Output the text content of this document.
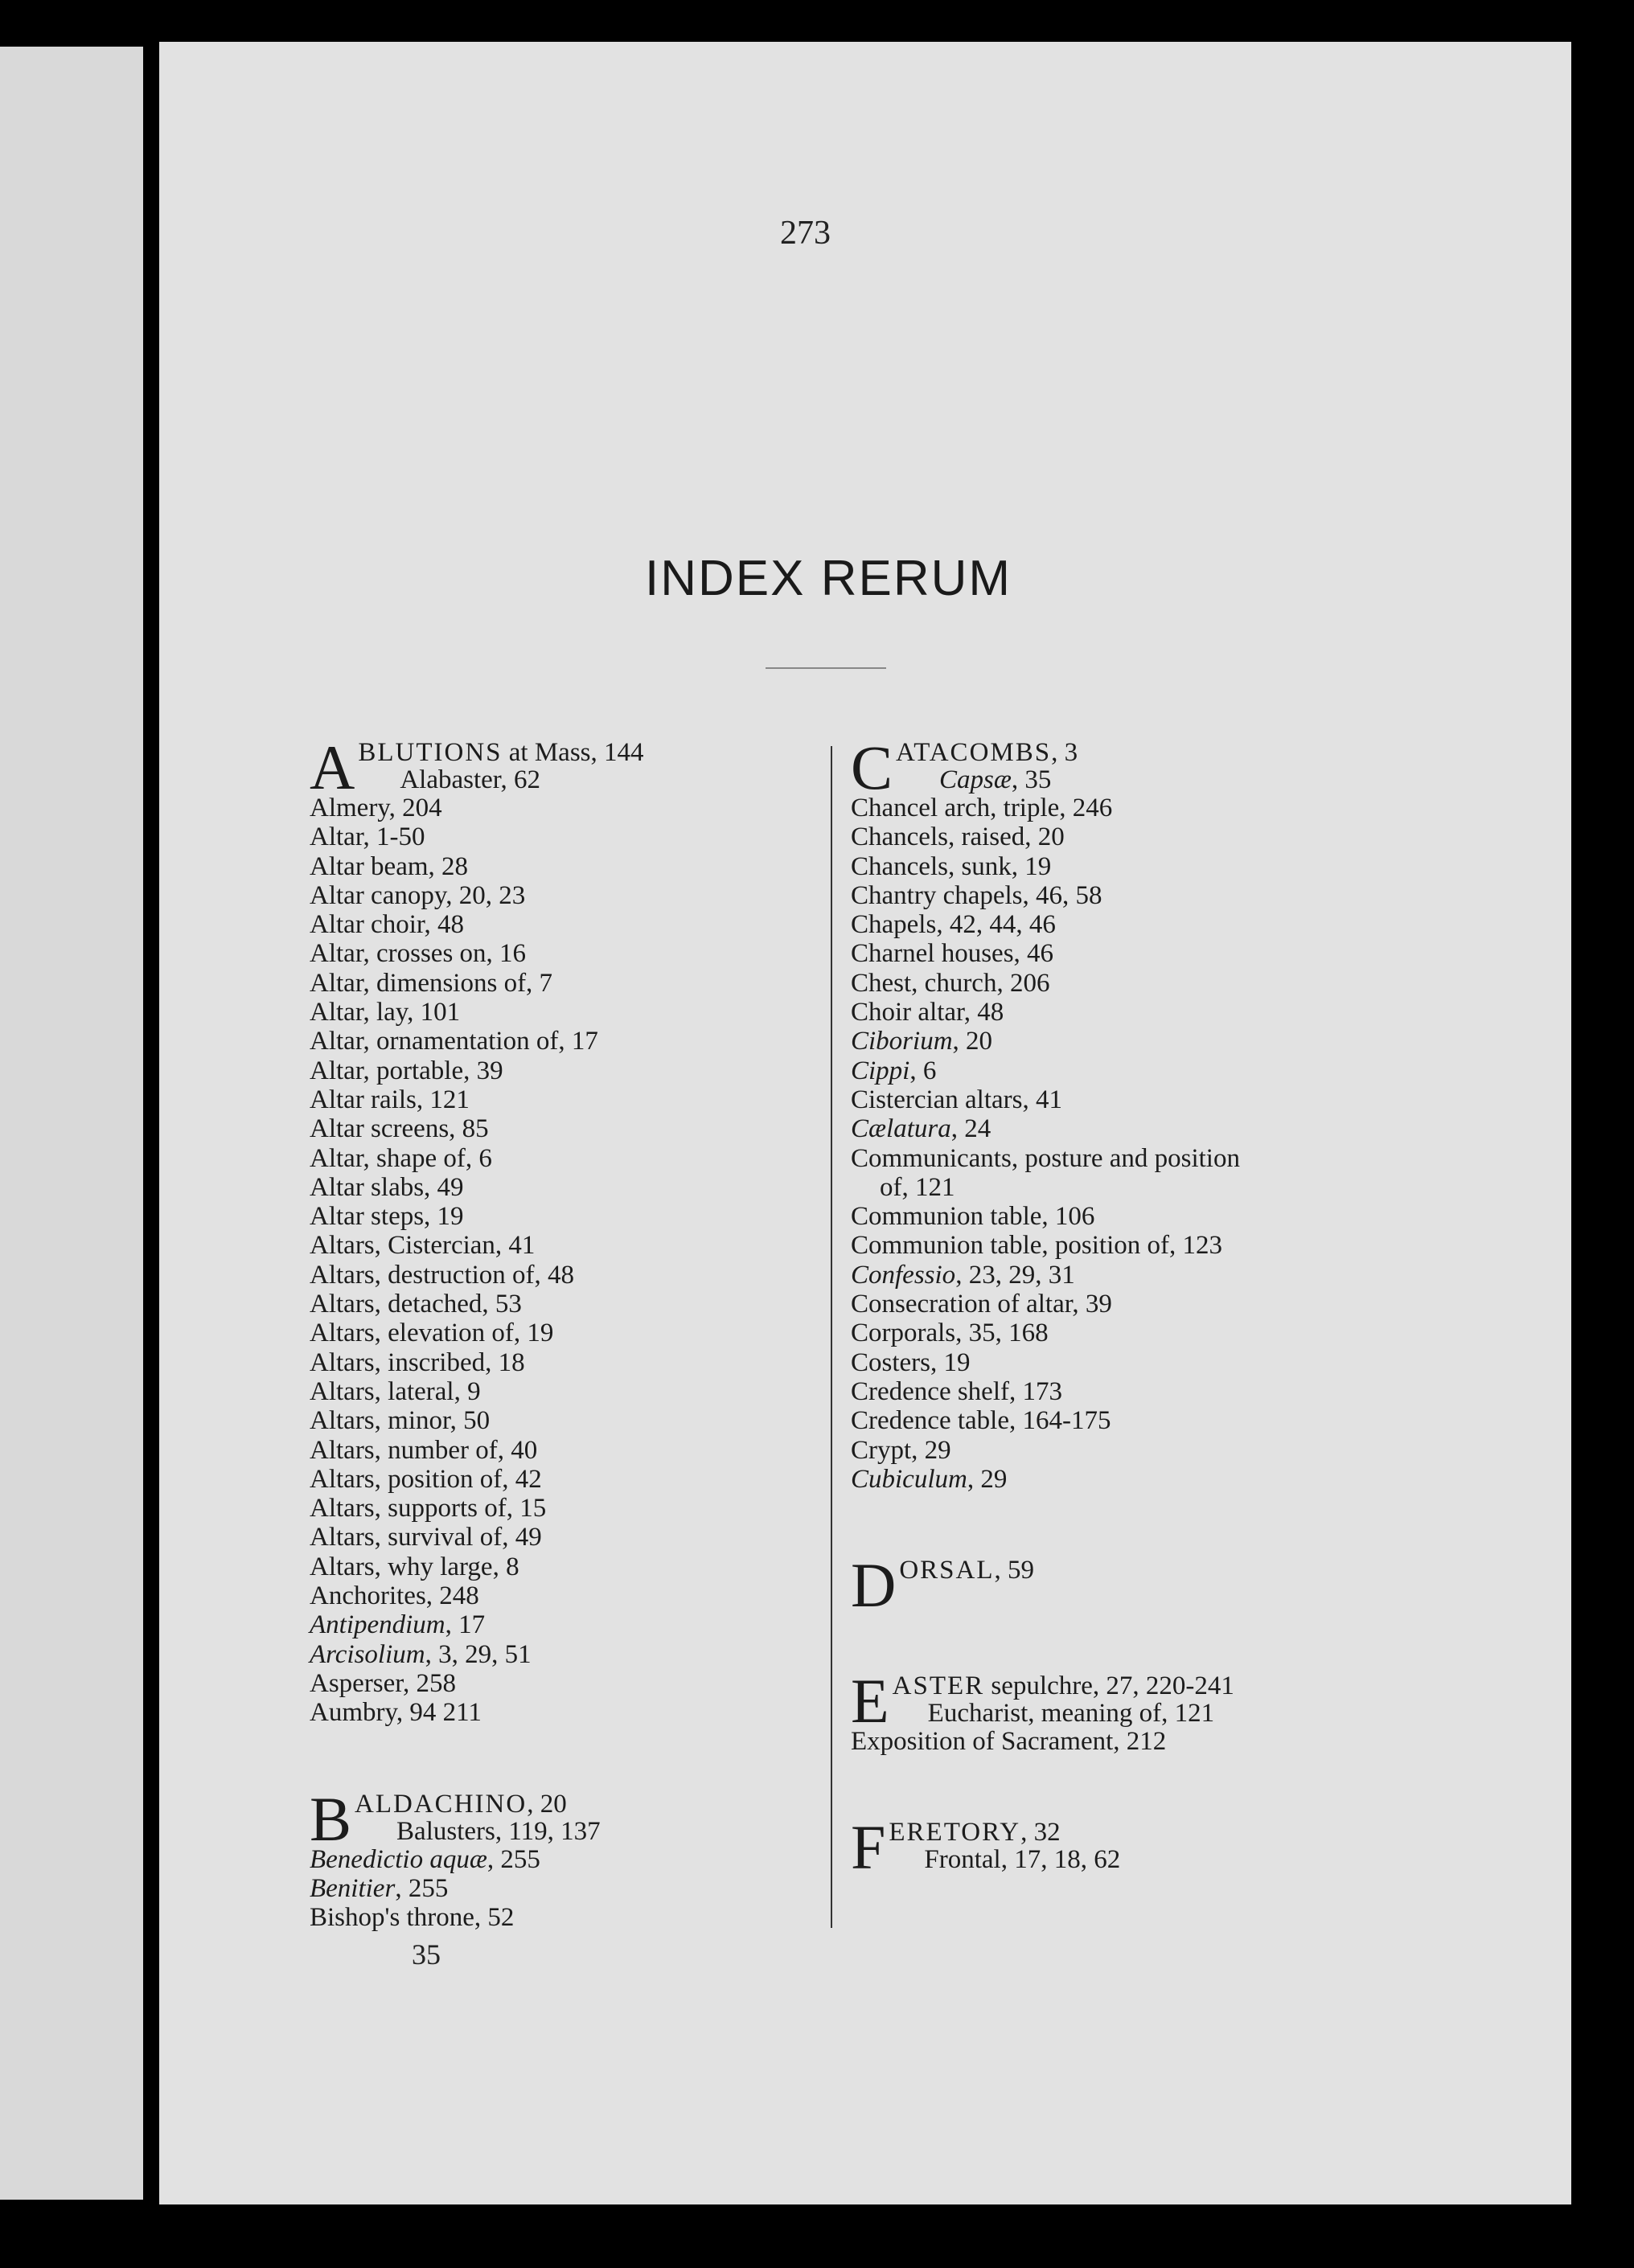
273
INDEX RERUM
A BLUTIONS at Mass, 144
Alabaster, 62
Almery, 204
Altar, 1-50
Altar beam, 28
Altar canopy, 20, 23
Altar choir, 48
Altar, crosses on, 16
Altar, dimensions of, 7
Altar, lay, 101
Altar, ornamentation of, 17
Altar, portable, 39
Altar rails, 121
Altar screens, 85
Altar, shape of, 6
Altar slabs, 49
Altar steps, 19
Altars, Cistercian, 41
Altars, destruction of, 48
Altars, detached, 53
Altars, elevation of, 19
Altars, inscribed, 18
Altars, lateral, 9
Altars, minor, 50
Altars, number of, 40
Altars, position of, 42
Altars, supports of, 15
Altars, survival of, 49
Altars, why large, 8
Anchorites, 248
Antipendium, 17
Arcisolium, 3, 29, 51
Asperser, 258
Aumbry, 94 211
B ALDACHINO, 20
Balusters, 119, 137
Benedictio aquæ, 255
Benitier, 255
Bishop's throne, 52
C ATACOMBS, 3
Capsæ, 35
Chancel arch, triple, 246
Chancels, raised, 20
Chancels, sunk, 19
Chantry chapels, 46, 58
Chapels, 42, 44, 46
Charnel houses, 46
Chest, church, 206
Choir altar, 48
Ciborium, 20
Cippi, 6
Cistercian altars, 41
Cælatura, 24
Communicants, posture and position
of, 121
Communion table, 106
Communion table, position of, 123
Confessio, 23, 29, 31
Consecration of altar, 39
Corporals, 35, 168
Costers, 19
Credence shelf, 173
Credence table, 164-175
Crypt, 29
Cubiculum, 29
D ORSAL, 59
E ASTER sepulchre, 27, 220-241
Eucharist, meaning of, 121
Exposition of Sacrament, 212
F ERETORY, 32
Frontal, 17, 18, 62
35
